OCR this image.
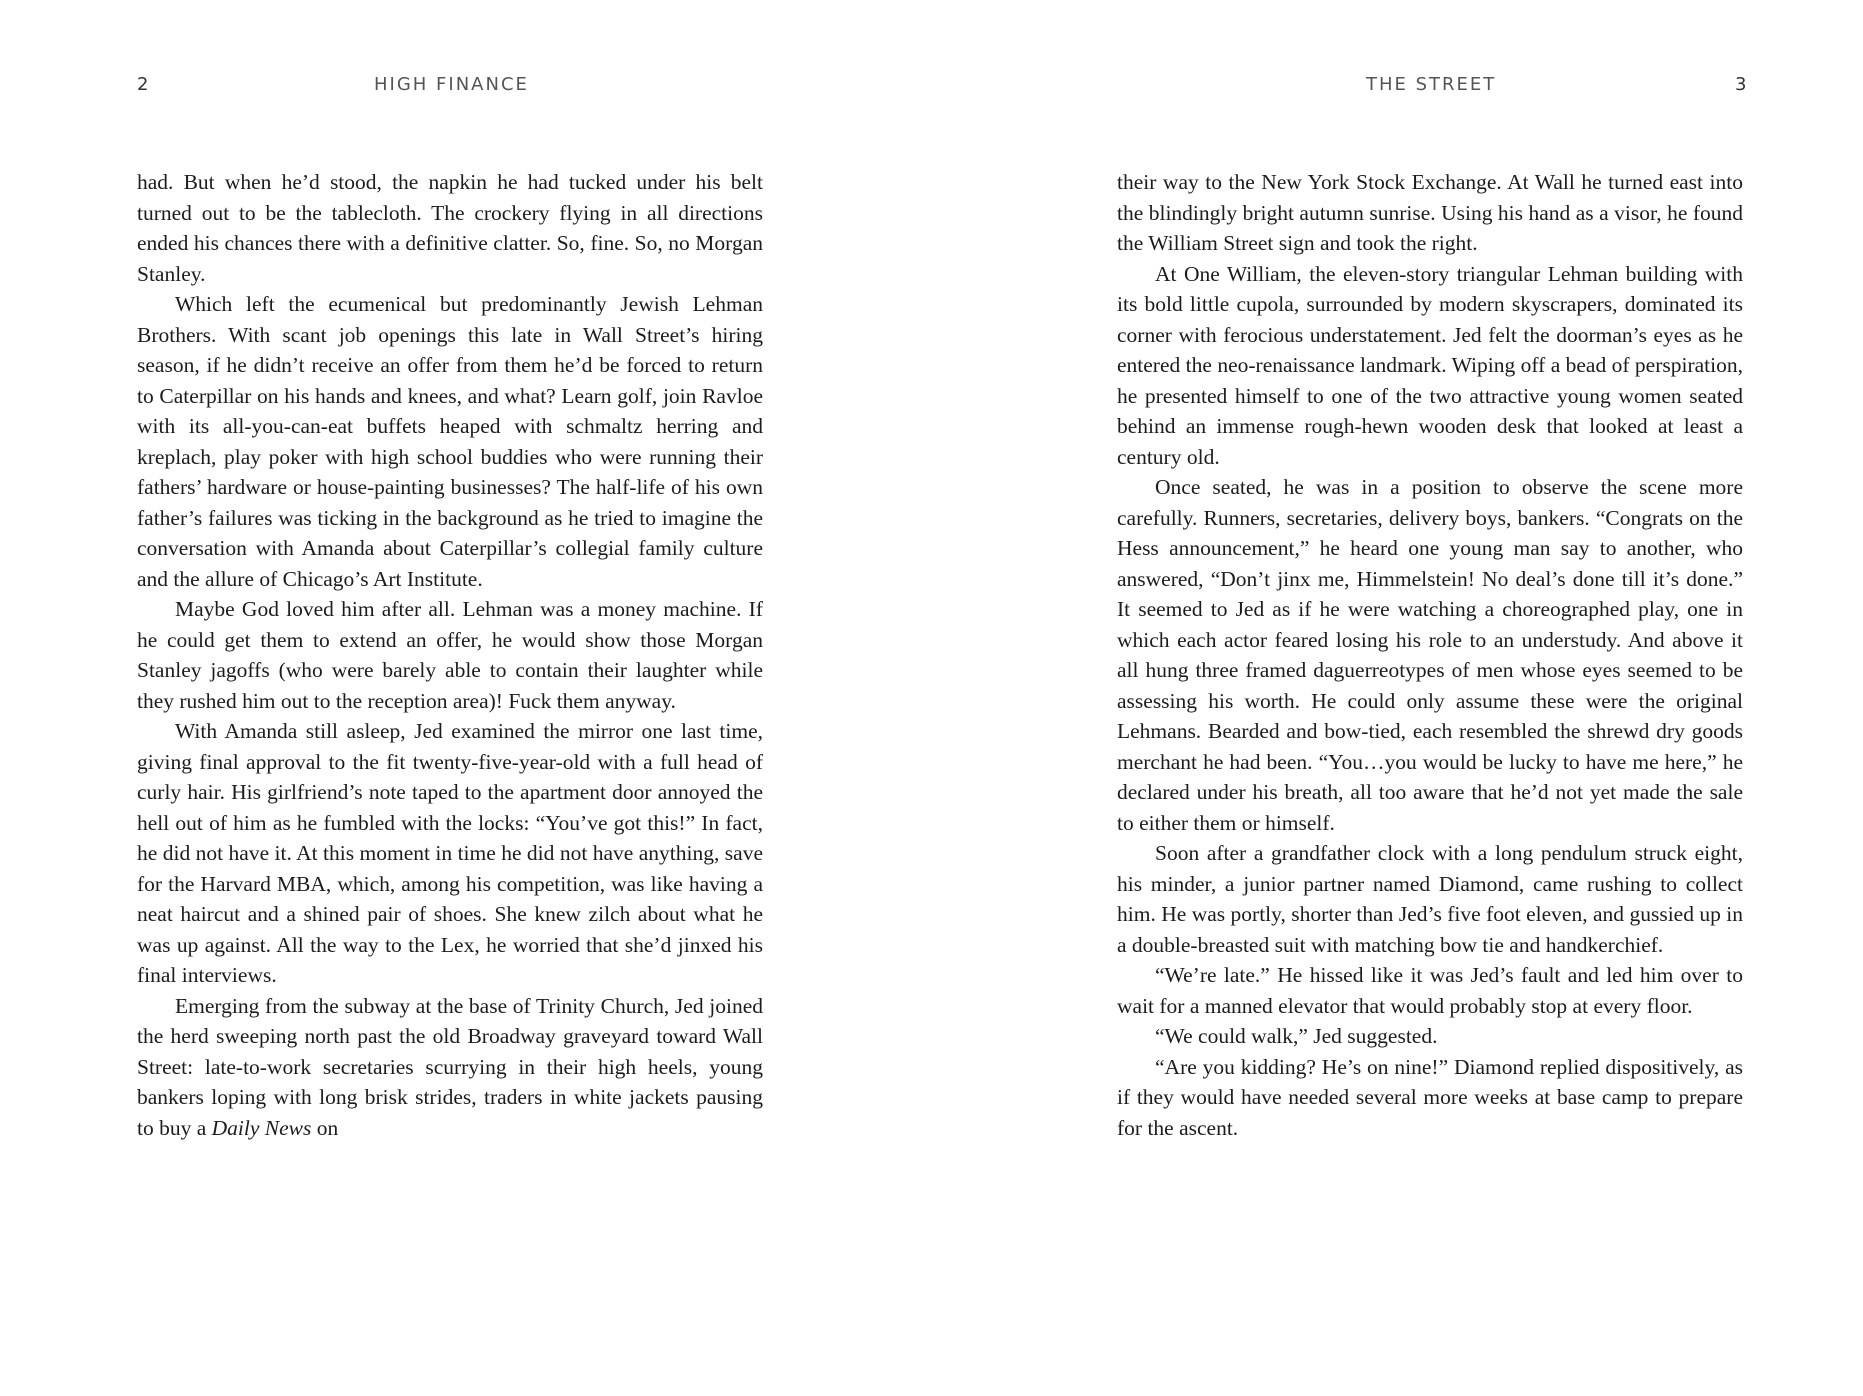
2	HIGH FINANCE

had. But when he’d stood, the napkin he had tucked under his belt turned out to be the tablecloth. The crockery flying in all directions ended his chances there with a definitive clatter. So, fine. So, no Morgan Stanley.

Which left the ecumenical but predominantly Jewish Lehman Brothers. With scant job openings this late in Wall Street’s hiring season, if he didn’t receive an offer from them he’d be forced to return to Caterpillar on his hands and knees, and what? Learn golf, join Ravloe with its all-you-can-eat buffets heaped with schmaltz herring and kreplach, play poker with high school buddies who were running their fathers’ hardware or house-painting businesses? The half-life of his own father’s failures was ticking in the background as he tried to imagine the conversation with Amanda about Caterpillar’s collegial family culture and the allure of Chicago’s Art Institute.

Maybe God loved him after all. Lehman was a money machine. If he could get them to extend an offer, he would show those Morgan Stanley jagoffs (who were barely able to contain their laughter while they rushed him out to the reception area)! Fuck them anyway.

With Amanda still asleep, Jed examined the mirror one last time, giving final approval to the fit twenty-five-year-old with a full head of curly hair. His girlfriend’s note taped to the apartment door annoyed the hell out of him as he fumbled with the locks: “You’ve got this!” In fact, he did not have it. At this moment in time he did not have anything, save for the Harvard MBA, which, among his competition, was like having a neat haircut and a shined pair of shoes. She knew zilch about what he was up against. All the way to the Lex, he worried that she’d jinxed his final interviews.

Emerging from the subway at the base of Trinity Church, Jed joined the herd sweeping north past the old Broadway graveyard toward Wall Street: late-to-work secretaries scurrying in their high heels, young bankers loping with long brisk strides, traders in white jackets pausing to buy a Daily News on

THE STREET	3

their way to the New York Stock Exchange. At Wall he turned east into the blindingly bright autumn sunrise. Using his hand as a visor, he found the William Street sign and took the right.

At One William, the eleven-story triangular Lehman building with its bold little cupola, surrounded by modern skyscrapers, dominated its corner with ferocious understatement. Jed felt the doorman’s eyes as he entered the neo-renaissance landmark. Wiping off a bead of perspiration, he presented himself to one of the two attractive young women seated behind an immense rough-hewn wooden desk that looked at least a century old.

Once seated, he was in a position to observe the scene more carefully. Runners, secretaries, delivery boys, bankers. “Congrats on the Hess announcement,” he heard one young man say to another, who answered, “Don’t jinx me, Himmelstein! No deal’s done till it’s done.” It seemed to Jed as if he were watching a choreographed play, one in which each actor feared losing his role to an understudy. And above it all hung three framed daguerreotypes of men whose eyes seemed to be assessing his worth. He could only assume these were the original Lehmans. Bearded and bow-tied, each resembled the shrewd dry goods merchant he had been. “You…you would be lucky to have me here,” he declared under his breath, all too aware that he’d not yet made the sale to either them or himself.

Soon after a grandfather clock with a long pendulum struck eight, his minder, a junior partner named Diamond, came rushing to collect him. He was portly, shorter than Jed’s five foot eleven, and gussied up in a double-breasted suit with matching bow tie and handkerchief.

“We’re late.” He hissed like it was Jed’s fault and led him over to wait for a manned elevator that would probably stop at every floor.

“We could walk,” Jed suggested.

“Are you kidding? He’s on nine!” Diamond replied dispositively, as if they would have needed several more weeks at base camp to prepare for the ascent.
